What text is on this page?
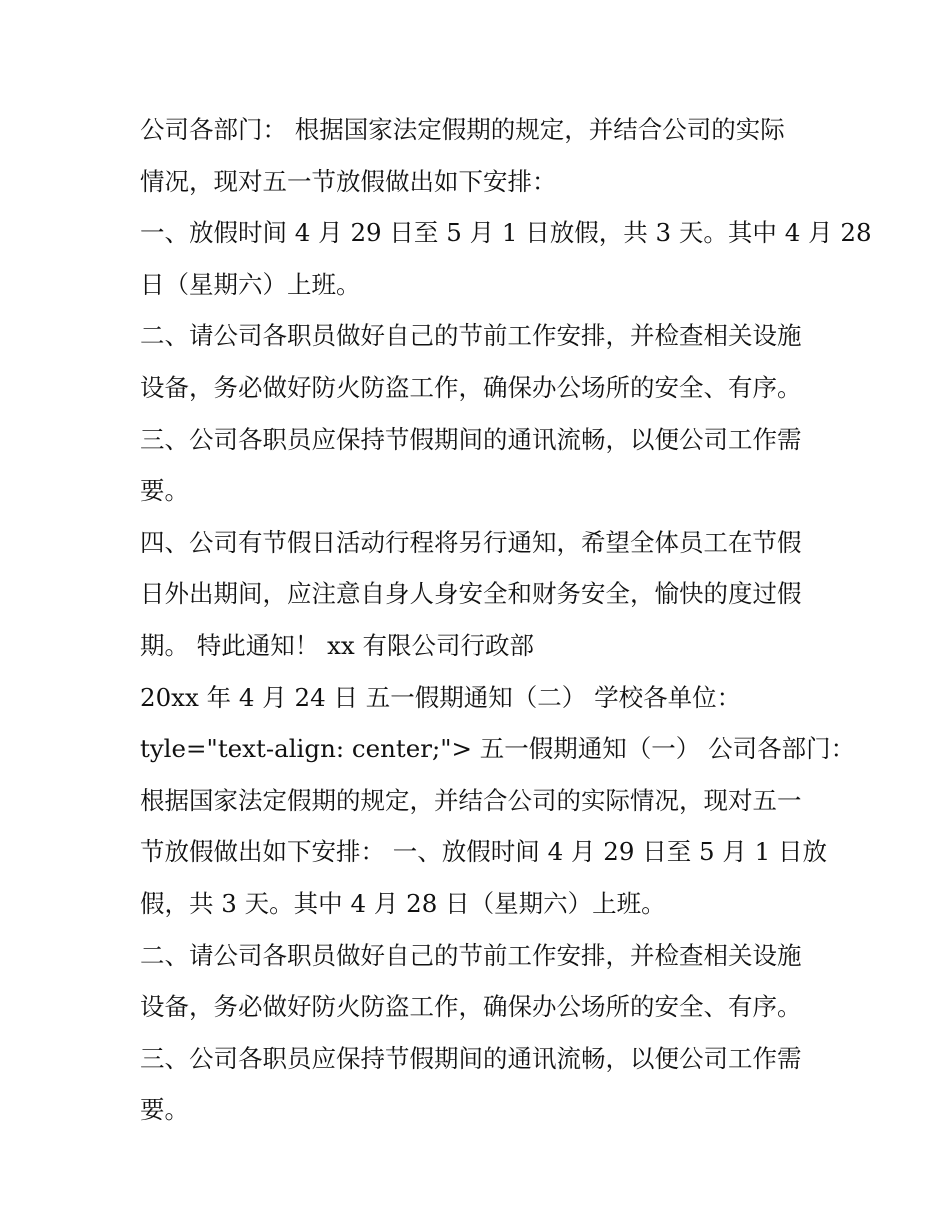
公司各部门： 根据国家法定假期的规定，并结合公司的实际
情况，现对五一节放假做出如下安排：
一、放假时间 4 月 29 日至 5 月 1 日放假，共 3 天。其中 4 月 28
日（星期六）上班。
二、请公司各职员做好自己的节前工作安排，并检查相关设施
设备，务必做好防火防盗工作，确保办公场所的安全、有序。
三、公司各职员应保持节假期间的通讯流畅，以便公司工作需
要。
四、公司有节假日活动行程将另行通知，希望全体员工在节假
日外出期间，应注意自身人身安全和财务安全，愉快的度过假
期。 特此通知！ xx 有限公司行政部
20xx 年 4 月 24 日 五一假期通知（二） 学校各单位：
tyle="text-align: center;"> 五一假期通知（一） 公司各部门：
根据国家法定假期的规定，并结合公司的实际情况，现对五一
节放假做出如下安排： 一、放假时间 4 月 29 日至 5 月 1 日放
假，共 3 天。其中 4 月 28 日（星期六）上班。
二、请公司各职员做好自己的节前工作安排，并检查相关设施
设备，务必做好防火防盗工作，确保办公场所的安全、有序。
三、公司各职员应保持节假期间的通讯流畅，以便公司工作需
要。
